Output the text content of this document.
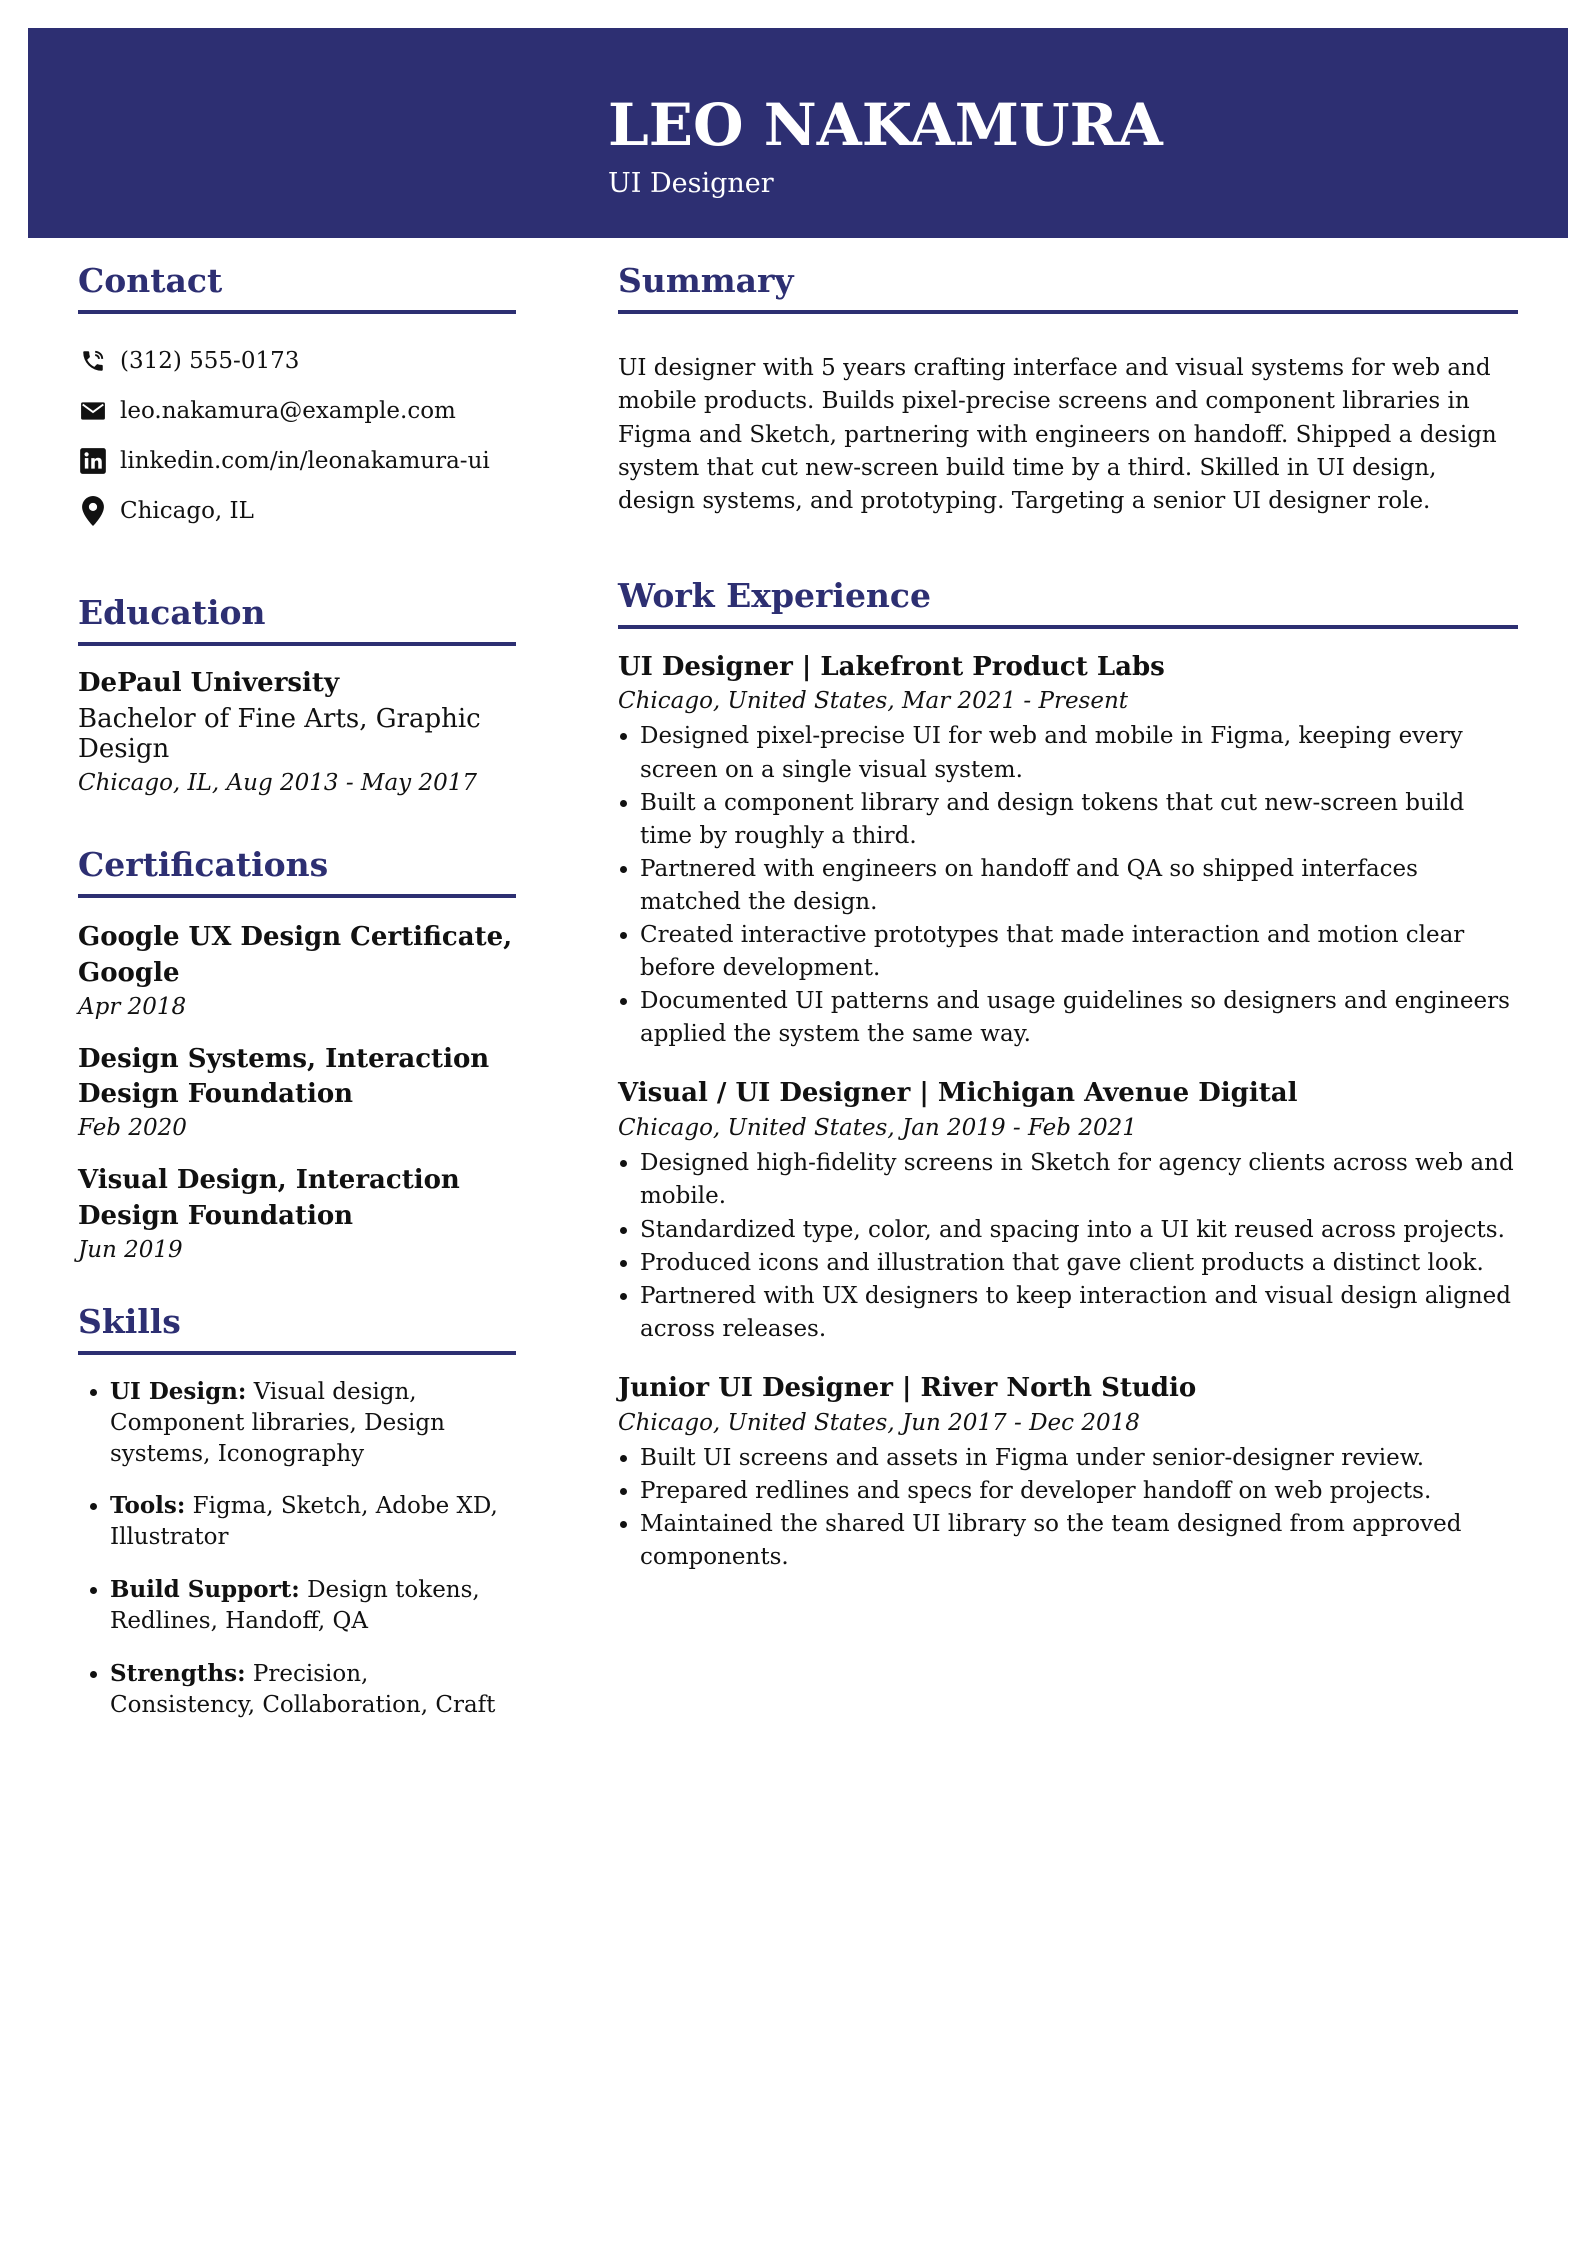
LEO NAKAMURA
UI Designer
Contact
(312) 555-0173
leo.nakamura@example.com
linkedin.com/in/leonakamura-ui
Chicago, IL
Education
DePaul University
Bachelor of Fine Arts, Graphic Design
Chicago, IL, Aug 2013 - May 2017
Certifications
Google UX Design Certificate, Google
Apr 2018
Design Systems, Interaction Design Foundation
Feb 2020
Visual Design, Interaction Design Foundation
Jun 2019
Skills
• UI Design: Visual design, Component libraries, Design systems, Iconography
• Tools: Figma, Sketch, Adobe XD, Illustrator
• Build Support: Design tokens, Redlines, Handoff, QA
• Strengths: Precision, Consistency, Collaboration, Craft
Summary

UI designer with 5 years crafting interface and visual systems for web and mobile products. Builds pixel-precise screens and component libraries in Figma and Sketch, partnering with engineers on handoff. Shipped a design system that cut new-screen build time by a third. Skilled in UI design, design systems, and prototyping. Targeting a senior UI designer role.

Work Experience
UI Designer | Lakefront Product Labs
Chicago, United States, Mar 2021 - Present
• Designed pixel-precise UI for web and mobile in Figma, keeping every screen on a single visual system.
• Built a component library and design tokens that cut new-screen build time by roughly a third.
• Partnered with engineers on handoff and QA so shipped interfaces matched the design.
• Created interactive prototypes that made interaction and motion clear before development.
• Documented UI patterns and usage guidelines so designers and engineers applied the system the same way.
Visual / UI Designer | Michigan Avenue Digital
Chicago, United States, Jan 2019 - Feb 2021
• Designed high-fidelity screens in Sketch for agency clients across web and mobile.
• Standardized type, color, and spacing into a UI kit reused across projects.
• Produced icons and illustration that gave client products a distinct look.
• Partnered with UX designers to keep interaction and visual design aligned across releases.
Junior UI Designer | River North Studio
Chicago, United States, Jun 2017 - Dec 2018
• Built UI screens and assets in Figma under senior-designer review.
• Prepared redlines and specs for developer handoff on web projects.
• Maintained the shared UI library so the team designed from approved components.
